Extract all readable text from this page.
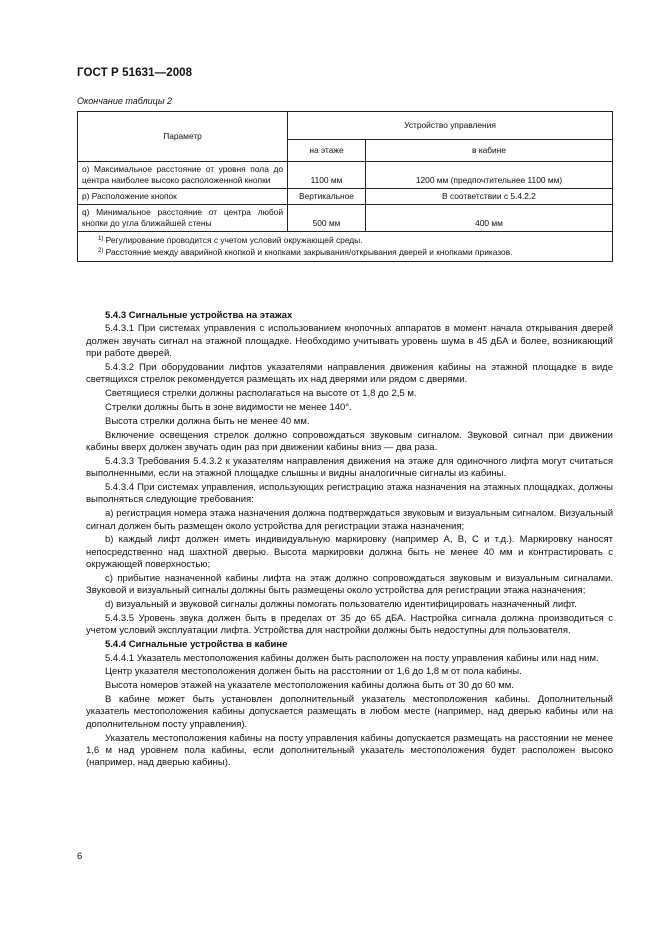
ГОСТ Р 51631—2008
Окончание таблицы 2
Параметр	Устройство управления	
	на этаже	в кабине
о) Максимальное расстояние от уровня пола до центра наиболее высоко расположенной кнопки	1100 мм	1200 мм (предпочтительнее 1100 мм)
р) Расположение кнопок	Вертикальное	В соответствии с 5.4.2.2
q) Минимальное расстояние от центра любой кнопки до угла ближайшей стены	500 мм	400 мм

$^{1)}$ Регулирование проводится с учетом условий окружающей среды.
$^{2)}$ Расстояние между аварийной кнопкой и кнопками закрывания/открывания дверей и кнопками приказов.		

5.4.3 Сигнальные устройства на этажах

5.4.3.1 При системах управления с использованием кнопочных аппаратов в момент начала открывания дверей должен звучать сигнал на этажной площадке. Необходимо учитывать уровень шума в 45 дБА и более, возникающий при работе дверей.

5.4.3.2 При оборудовании лифтов указателями направления движения кабины на этажной площадке в виде светящихся стрелок рекомендуется размещать их над дверями или рядом с дверями.

Светящиеся стрелки должны располагаться на высоте от 1,8 до 2,5 м.

Стрелки должны быть в зоне видимости не менее 140°.

Высота стрелки должна быть не менее 40 мм.

Включение освещения стрелок должно сопровождаться звуковым сигналом. Звуковой сигнал при движении кабины вверх должен звучать один раз при движении кабины вниз — два раза.

5.4.3.3 Требования 5.4.3.2 к указателям направления движения на этаже для одиночного лифта могут считаться выполненными, если на этажной площадке слышны и видны аналогичные сигналы из кабины.

5.4.3.4 При системах управления, использующих регистрацию этажа назначения на этажных площадках, должны выполняться следующие требования:

а) регистрация номера этажа назначения должна подтверждаться звуковым и визуальным сигналом. Визуальный сигнал должен быть размещен около устройства для регистрации этажа назначения;

b) каждый лифт должен иметь индивидуальную маркировку (например А, В, С и т.д.). Маркировку наносят непосредственно над шахтной дверью. Высота маркировки должна быть не менее 40 мм и контрастировать с окружающей поверхностью;

c) прибытие назначенной кабины лифта на этаж должно сопровождаться звуковым и визуальным сигналами. Звуковой и визуальный сигналы должны быть размещены около устройства для регистрации этажа назначения;

d) визуальный и звуковой сигналы должны помогать пользователю идентифицировать назначенный лифт.

5.4.3.5 Уровень звука должен быть в пределах от 35 до 65 дБА. Настройка сигнала должна производиться с учетом условий эксплуатации лифта. Устройства для настройки должны быть недоступны для пользователя.

5.4.4 Сигнальные устройства в кабине

5.4.4.1 Указатель местоположения кабины должен быть расположен на посту управления кабины или над ним.

Центр указателя местоположения должен быть на расстоянии от 1,6 до 1,8 м от пола кабины.

Высота номеров этажей на указателе местоположения кабины должна быть от 30 до 60 мм.

В кабине может быть установлен дополнительный указатель местоположения кабины. Дополнительный указатель местоположения кабины допускается размещать в любом месте (например, над дверью кабины или на дополнительном посту управления).

Указатель местоположения кабины на посту управления кабины допускается размещать на расстоянии не менее 1,6 м над уровнем пола кабины, если дополнительный указатель местоположения будет расположен высоко (например, над дверью кабины).

6
